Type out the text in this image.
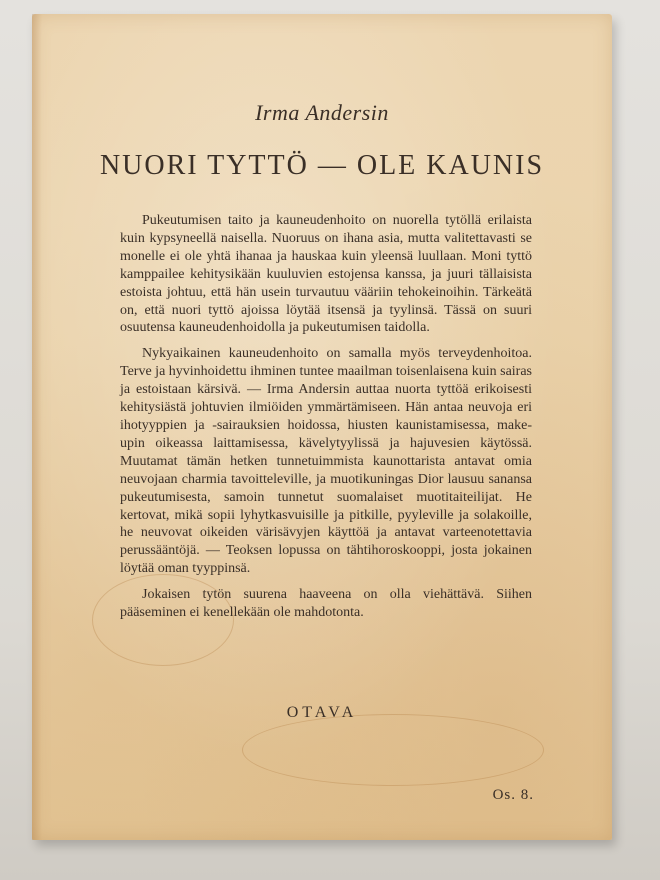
Irma Andersin
NUORI TYTTÖ — OLE KAUNIS

Pukeutumisen taito ja kauneudenhoito on nuorella tytöllä erilaista kuin kypsyneellä naisella. Nuoruus on ihana asia, mutta valitettavasti se monelle ei ole yhtä ihanaa ja hauskaa kuin yleensä luullaan. Moni tyttö kamppailee kehitysikään kuuluvien estojensa kanssa, ja juuri tällaisista estoista johtuu, että hän usein turvautuu vääriin tehokeinoihin. Tärkeätä on, että nuori tyttö ajoissa löytää itsensä ja tyylinsä. Tässä on suuri osuutensa kauneudenhoidolla ja pukeutumisen taidolla.

Nykyaikainen kauneudenhoito on samalla myös terveydenhoitoa. Terve ja hyvinhoidettu ihminen tuntee maailman toisenlaisena kuin sairas ja estoistaan kärsivä. — Irma Andersin auttaa nuorta tyttöä erikoisesti kehitysiästä johtuvien ilmiöiden ymmärtämiseen. Hän antaa neuvoja eri ihotyyppien ja -sairauksien hoidossa, hiusten kaunistamisessa, make-upin oikeassa laittamisessa, kävelytyylissä ja hajuvesien käytössä. Muutamat tämän hetken tunnetuimmista kaunottarista antavat omia neuvojaan charmia tavoitteleville, ja muotikuningas Dior lausuu sanansa pukeutumisesta, samoin tunnetut suomalaiset muotitaiteilijat. He kertovat, mikä sopii lyhytkasvuisille ja pitkille, pyyleville ja solakoille, he neuvovat oikeiden värisävyjen käyttöä ja antavat varteenotettavia perussääntöjä. — Teoksen lopussa on tähtihoroskooppi, josta jokainen löytää oman tyyppinsä.

Jokaisen tytön suurena haaveena on olla viehättävä. Siihen pääseminen ei kenellekään ole mahdotonta.

OTAVA
Os. 8.
